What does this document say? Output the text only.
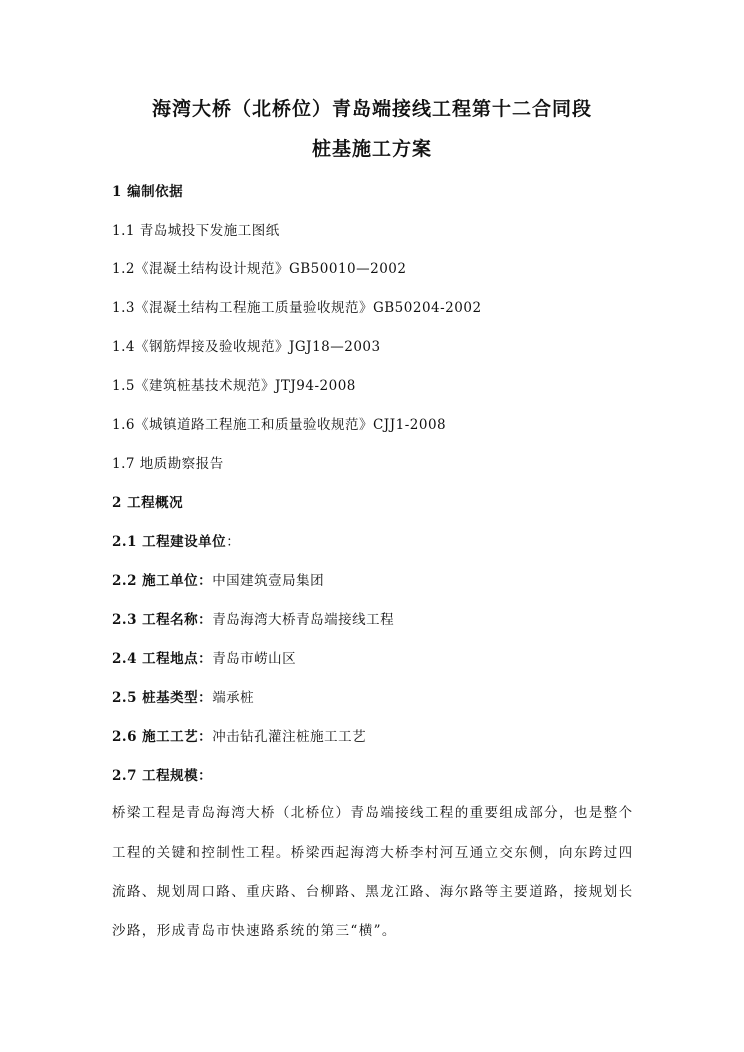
海湾大桥（北桥位）青岛端接线工程第十二合同段
桩基施工方案
1 编制依据
1.1 青岛城投下发施工图纸
1.2《混凝土结构设计规范》GB50010—2002
1.3《混凝土结构工程施工质量验收规范》GB50204-2002
1.4《钢筋焊接及验收规范》JGJ18—2003
1.5《建筑桩基技术规范》JTJ94-2008
1.6《城镇道路工程施工和质量验收规范》CJJ1-2008
1.7 地质勘察报告
2 工程概况
2.1 工程建设单位：
2.2 施工单位：中国建筑壹局集团
2.3 工程名称：青岛海湾大桥青岛端接线工程
2.4 工程地点：青岛市崂山区
2.5 桩基类型：端承桩
2.6 施工工艺：冲击钻孔灌注桩施工工艺
2.7 工程规模：
桥梁工程是青岛海湾大桥（北桥位）青岛端接线工程的重要组成部分，也是整个
工程的关键和控制性工程。桥梁西起海湾大桥李村河互通立交东侧，向东跨过四
流路、规划周口路、重庆路、台柳路、黑龙江路、海尔路等主要道路，接规划长
沙路，形成青岛市快速路系统的第三“横”。
